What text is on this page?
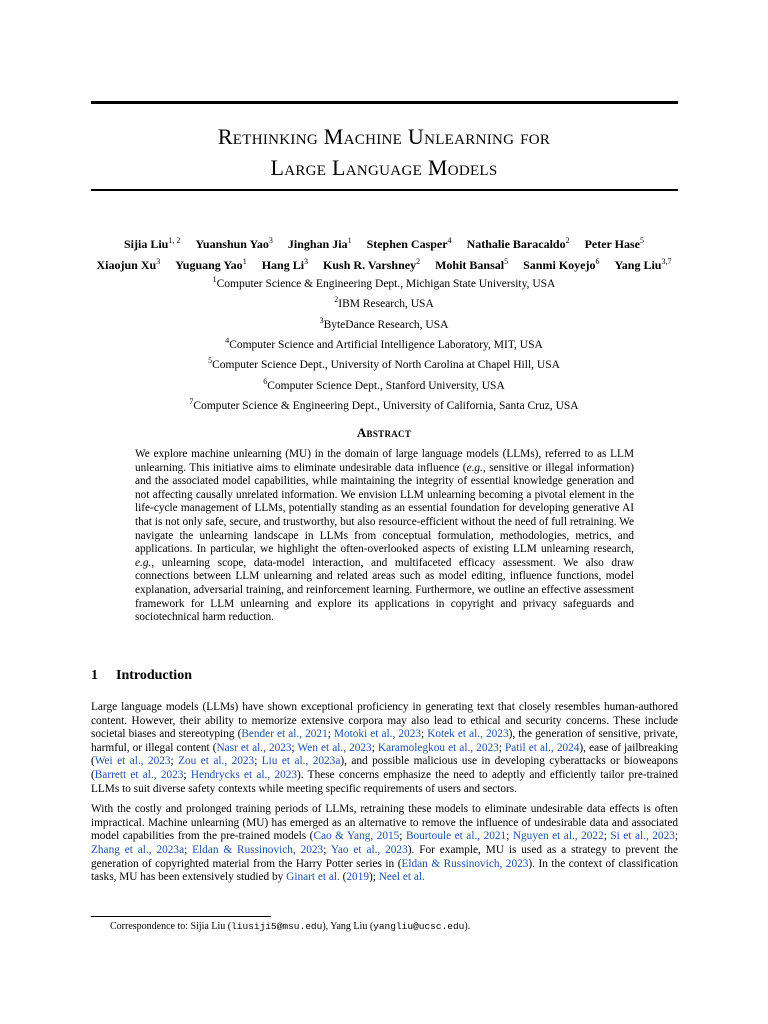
Rethinking Machine Unlearning for
Large Language Models
Sijia Liu$^{1, 2}$ Yuanshun Yao$^3$ Jinghan Jia$^1$ Stephen Casper$^4$ Nathalie Baracaldo$^2$ Peter Hase$^5$
Xiaojun Xu$^3$ Yuguang Yao$^1$ Hang Li$^3$ Kush R. Varshney$^2$ Mohit Bansal$^5$ Sanmi Koyejo$^6$ Yang Liu$^{3,7}$
$^1$Computer Science & Engineering Dept., Michigan State University, USA
$^2$IBM Research, USA
$^3$ByteDance Research, USA
$^4$Computer Science and Artificial Intelligence Laboratory, MIT, USA
$^5$Computer Science Dept., University of North Carolina at Chapel Hill, USA
$^6$Computer Science Dept., Stanford University, USA
$^7$Computer Science & Engineering Dept., University of California, Santa Cruz, USA
Abstract
We explore machine unlearning (MU) in the domain of large language models (LLMs), referred to as LLM unlearning. This initiative aims to eliminate undesirable data influence (e.g., sensitive or illegal information) and the associated model capabilities, while maintaining the integrity of essential knowledge generation and not affecting causally unrelated information. We envision LLM unlearning becoming a pivotal element in the life-cycle management of LLMs, potentially standing as an essential foundation for developing generative AI that is not only safe, secure, and trustworthy, but also resource-efficient without the need of full retraining. We navigate the unlearning landscape in LLMs from conceptual formulation, methodologies, metrics, and applications. In particular, we highlight the often-overlooked aspects of existing LLM unlearning research, e.g., unlearning scope, data-model interaction, and multifaceted efficacy assessment. We also draw connections between LLM unlearning and related areas such as model editing, influence functions, model explanation, adversarial training, and reinforcement learning. Furthermore, we outline an effective assessment framework for LLM unlearning and explore its applications in copyright and privacy safeguards and sociotechnical harm reduction.
1 Introduction

Large language models (LLMs) have shown exceptional proficiency in generating text that closely resembles human-authored content. However, their ability to memorize extensive corpora may also lead to ethical and security concerns. These include societal biases and stereotyping (Bender et al., 2021; Motoki et al., 2023; Kotek et al., 2023), the generation of sensitive, private, harmful, or illegal content (Nasr et al., 2023; Wen et al., 2023; Karamolegkou et al., 2023; Patil et al., 2024), ease of jailbreaking (Wei et al., 2023; Zou et al., 2023; Liu et al., 2023a), and possible malicious use in developing cyberattacks or bioweapons (Barrett et al., 2023; Hendrycks et al., 2023). These concerns emphasize the need to adeptly and efficiently tailor pre-trained LLMs to suit diverse safety contexts while meeting specific requirements of users and sectors.

With the costly and prolonged training periods of LLMs, retraining these models to eliminate undesirable data effects is often impractical. Machine unlearning (MU) has emerged as an alternative to remove the influence of undesirable data and associated model capabilities from the pre-trained models (Cao & Yang, 2015; Bourtoule et al., 2021; Nguyen et al., 2022; Si et al., 2023; Zhang et al., 2023a; Eldan & Russinovich, 2023; Yao et al., 2023). For example, MU is used as a strategy to prevent the generation of copyrighted material from the Harry Potter series in (Eldan & Russinovich, 2023). In the context of classification tasks, MU has been extensively studied by Ginart et al. (2019); Neel et al.

Correspondence to: Sijia Liu (liusiji5@msu.edu), Yang Liu (yangliu@ucsc.edu).
